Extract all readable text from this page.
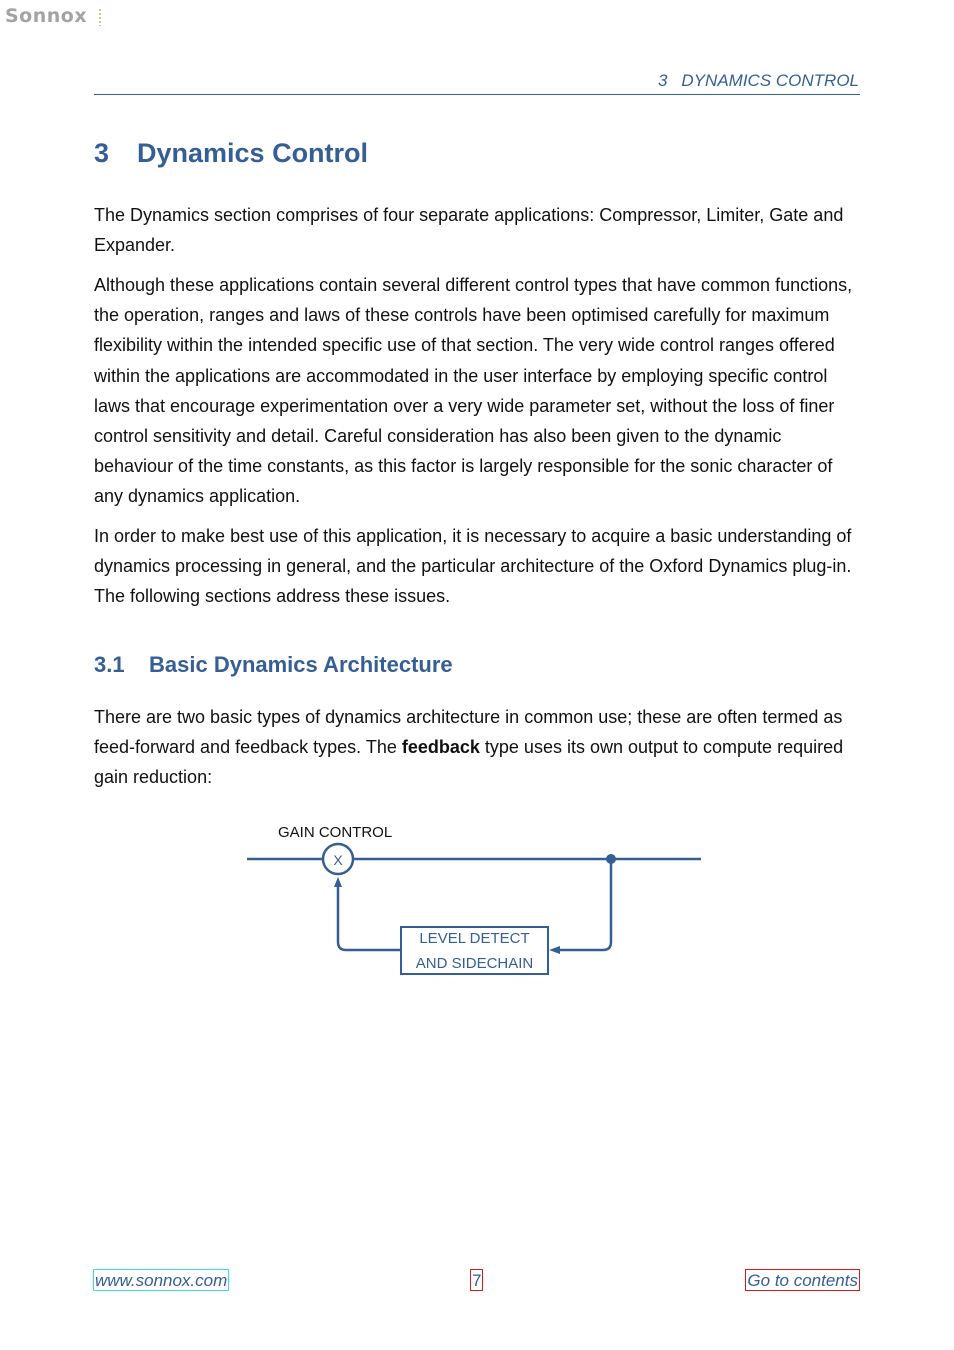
Sonnox
3 DYNAMICS CONTROL
3 Dynamics Control

The Dynamics section comprises of four separate applications: Compressor, Limiter, Gate and Expander.

Although these applications contain several different control types that have common functions, the operation, ranges and laws of these controls have been optimised carefully for maximum flexibility within the intended specific use of that section. The very wide control ranges offered within the applications are accommodated in the user interface by employing specific control laws that encourage experimentation over a very wide parameter set, without the loss of finer control sensitivity and detail. Careful consideration has also been given to the dynamic behaviour of the time constants, as this factor is largely responsible for the sonic character of any dynamics application.

In order to make best use of this application, it is necessary to acquire a basic understanding of dynamics processing in general, and the particular architecture of the Oxford Dynamics plug-in. The following sections address these issues.

3.1 Basic Dynamics Architecture

There are two basic types of dynamics architecture in common use; these are often termed as feed-forward and feedback types. The feedback type uses its own output to compute required gain reduction:

GAIN CONTROL
X
LEVEL DETECT
AND SIDECHAIN
www.sonnox.com	7	Go to contents
